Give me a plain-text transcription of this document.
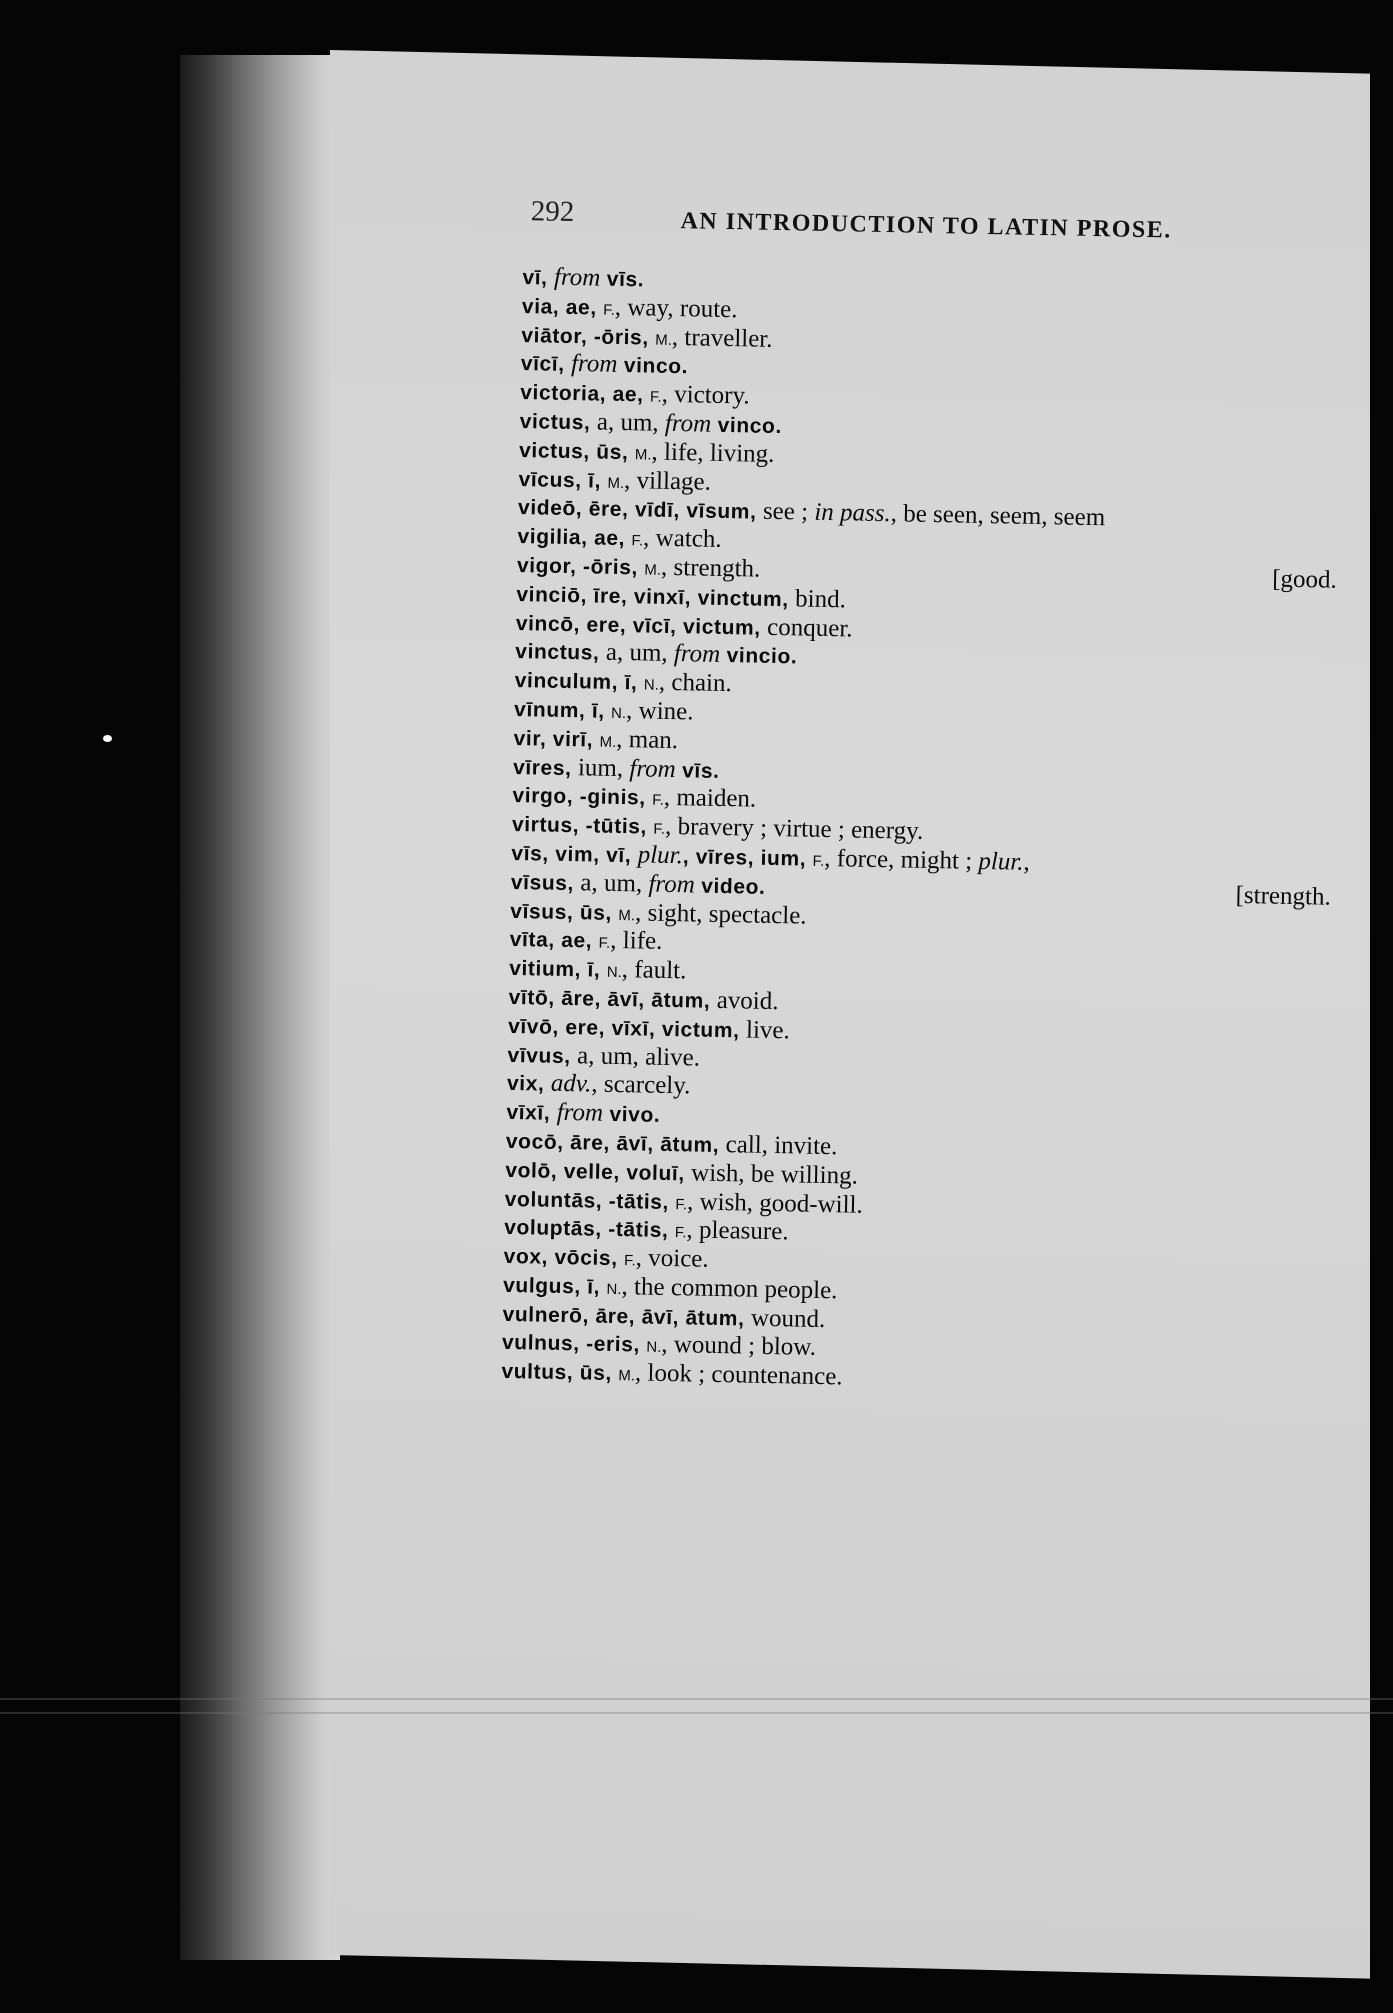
292	AN INTRODUCTION TO LATIN PROSE.
vī, from vīs.
via, ae, F., way, route.
viātor, -ōris, M., traveller.
vīcī, from vinco.
victoria, ae, F., victory.
victus, a, um, from vinco.
victus, ūs, M., life, living.
vīcus, ī, M., village.
videō, ēre, vīdī, vīsum, see ; in pass., be seen, seem, seem
vigilia, ae, F., watch.
vigor, -ōris, M., strength.	[good.
vinciō, īre, vinxī, vinctum, bind.
vincō, ere, vīcī, victum, conquer.
vinctus, a, um, from vincio.
vinculum, ī, N., chain.
vīnum, ī, N., wine.
vir, virī, M., man.
vīres, ium, from vīs.
virgo, -ginis, F., maiden.
virtus, -tūtis, F., bravery ; virtue ; energy.
vīs, vim, vī, plur., vīres, ium, F., force, might ; plur.,
vīsus, a, um, from video.	[strength.
vīsus, ūs, M., sight, spectacle.
vīta, ae, F., life.
vitium, ī, N., fault.
vītō, āre, āvī, ātum, avoid.
vīvō, ere, vīxī, victum, live.
vīvus, a, um, alive.
vix, adv., scarcely.
vīxī, from vivo.
vocō, āre, āvī, ātum, call, invite.
volō, velle, voluī, wish, be willing.
voluntās, -tātis, F., wish, good-will.
voluptās, -tātis, F., pleasure.
vox, vōcis, F., voice.
vulgus, ī, N., the common people.
vulnerō, āre, āvī, ātum, wound.
vulnus, -eris, N., wound ; blow.
vultus, ūs, M., look ; countenance.
